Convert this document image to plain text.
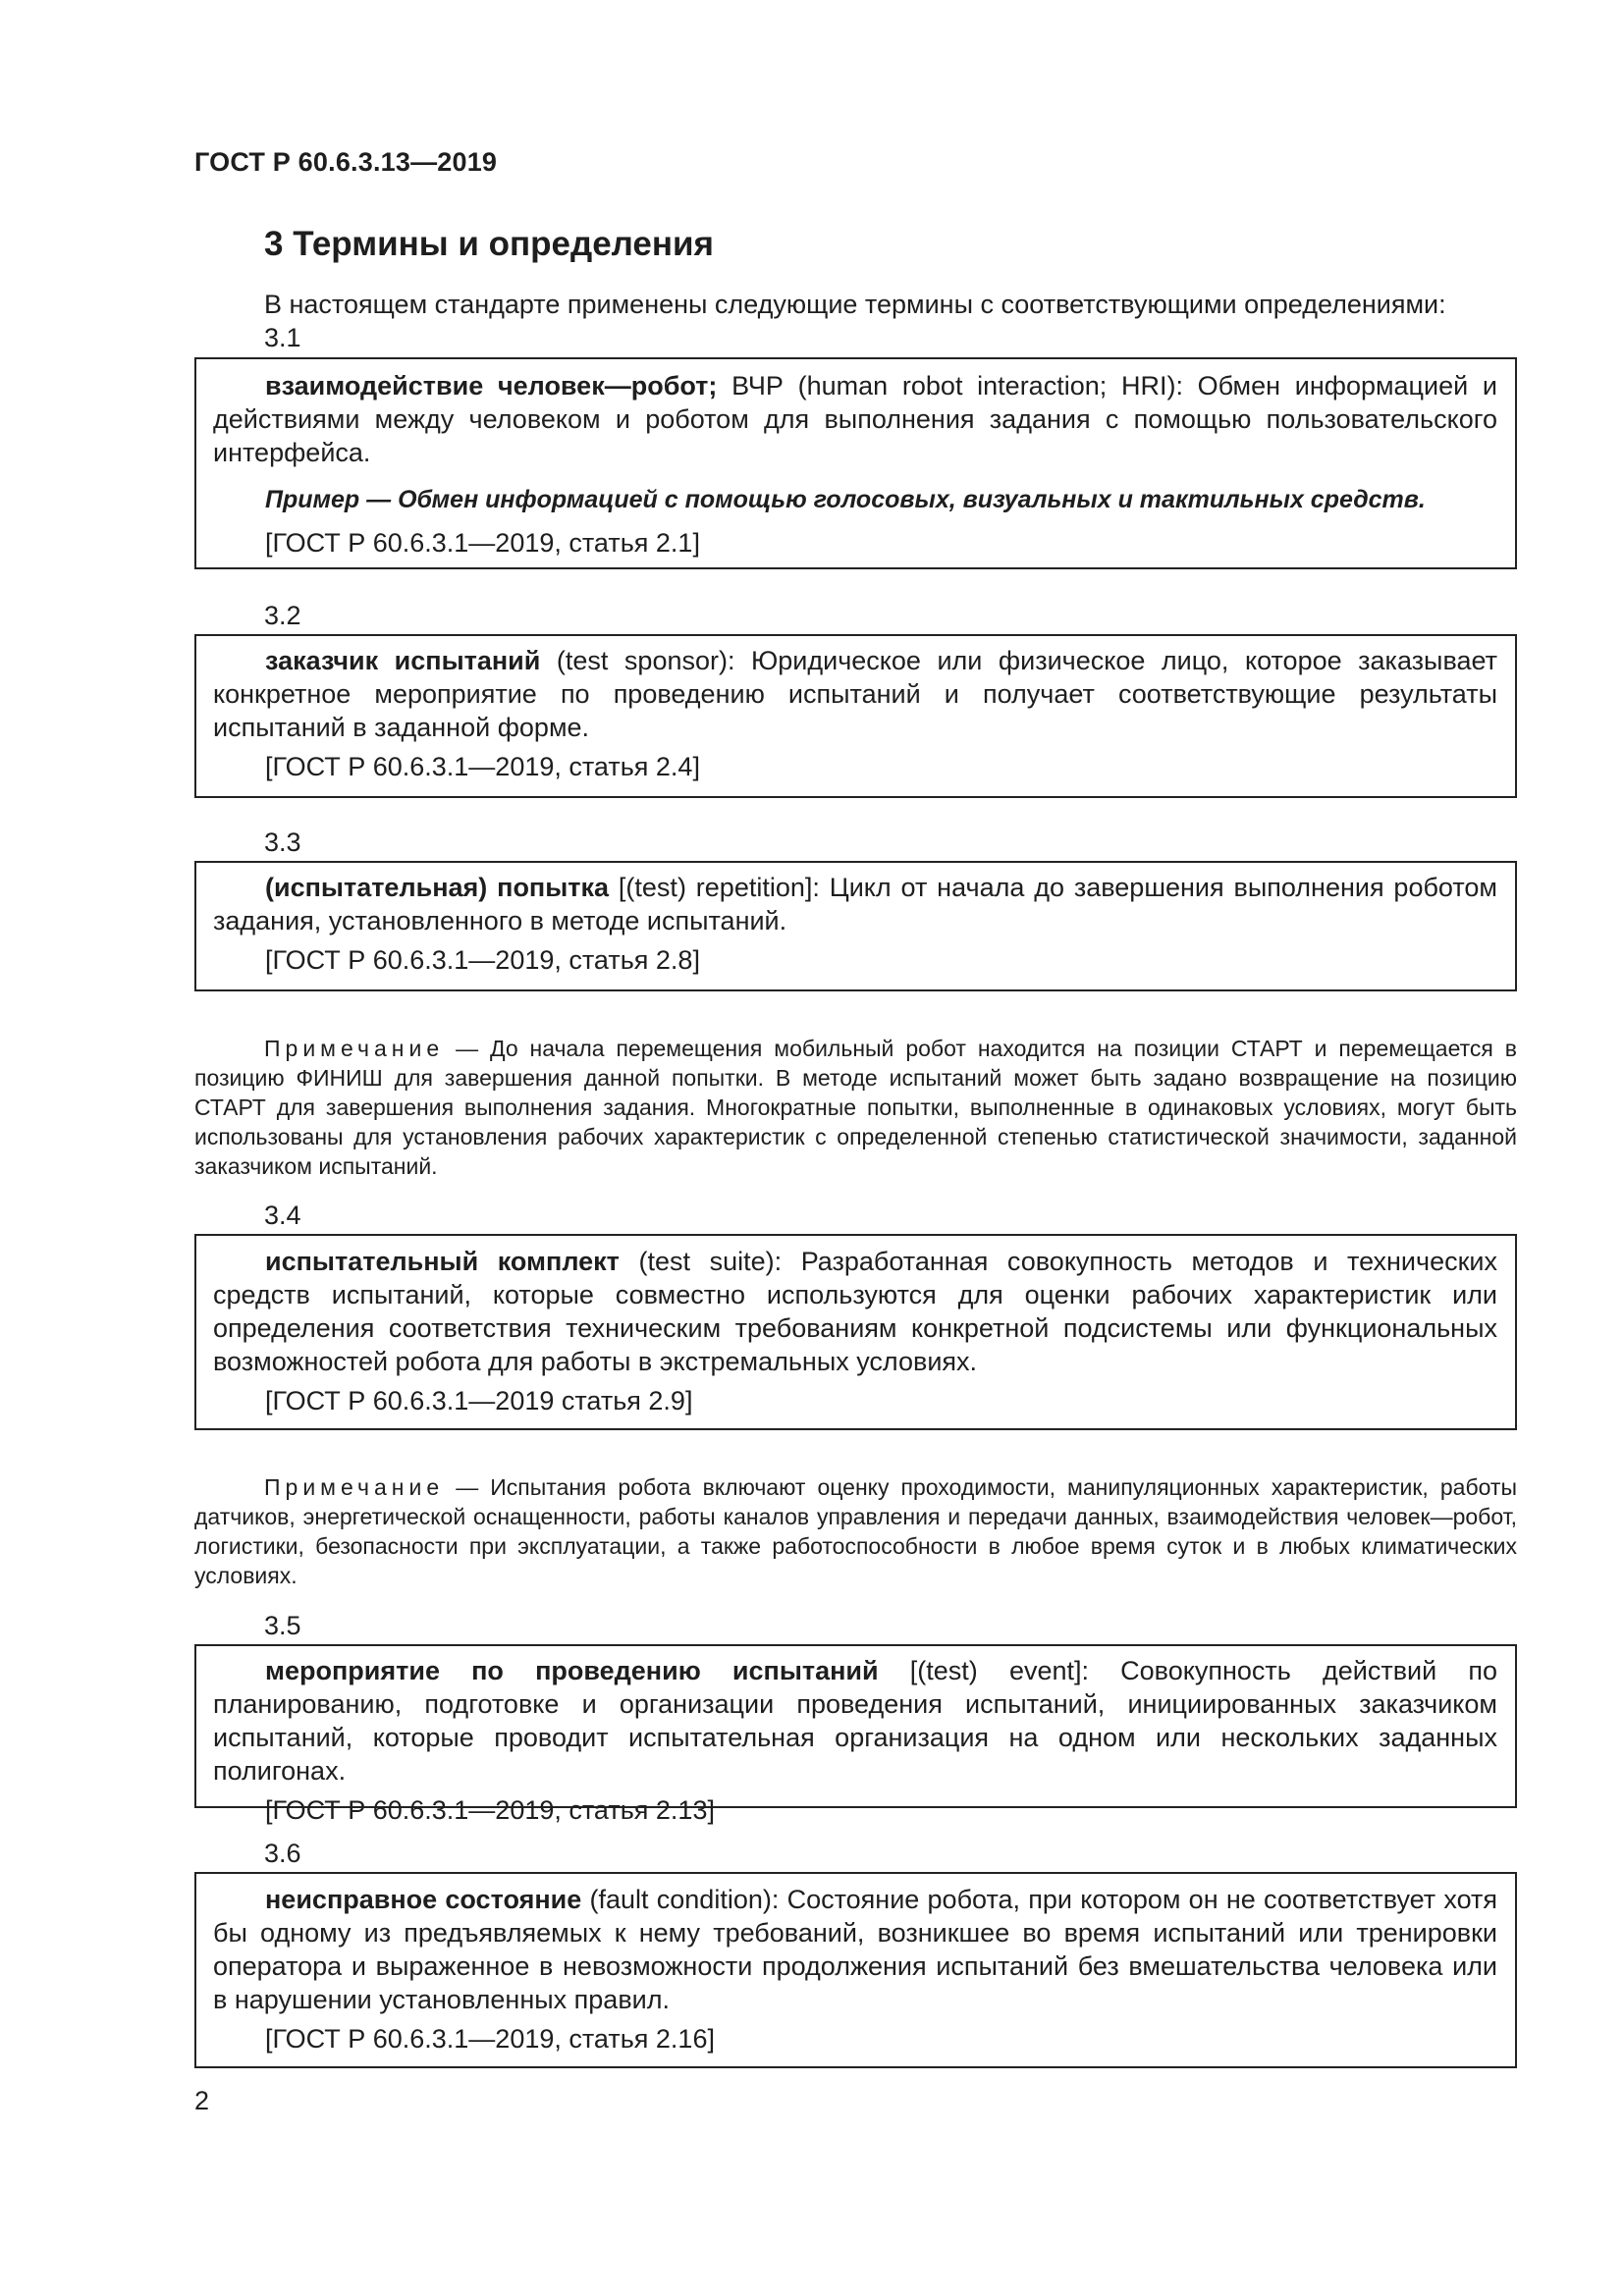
ГОСТ Р 60.6.3.13—2019
3 Термины и определения
В настоящем стандарте применены следующие термины с соответствующими определениями:
3.1

взаимодействие человек—робот; ВЧР (human robot interaction; HRI): Обмен информацией и действиями между человеком и роботом для выполнения задания с помощью пользовательского интерфейса.

Пример — Обмен информацией с помощью голосовых, визуальных и тактильных средств.

[ГОСТ Р 60.6.3.1—2019, статья 2.1]

3.2

заказчик испытаний (test sponsor): Юридическое или физическое лицо, которое заказывает конкретное мероприятие по проведению испытаний и получает соответствующие результаты испытаний в заданной форме.

[ГОСТ Р 60.6.3.1—2019, статья 2.4]

3.3

(испытательная) попытка [(test) repetition]: Цикл от начала до завершения выполнения роботом задания, установленного в методе испытаний.

[ГОСТ Р 60.6.3.1—2019, статья 2.8]

Примечание — До начала перемещения мобильный робот находится на позиции СТАРТ и перемещается в позицию ФИНИШ для завершения данной попытки. В методе испытаний может быть задано возвращение на позицию СТАРТ для завершения выполнения задания. Многократные попытки, выполненные в одинаковых условиях, могут быть использованы для установления рабочих характеристик с определенной степенью статистической значимости, заданной заказчиком испытаний.

3.4

испытательный комплект (test suite): Разработанная совокупность методов и технических средств испытаний, которые совместно используются для оценки рабочих характеристик или определения соответствия техническим требованиям конкретной подсистемы или функциональных возможностей робота для работы в экстремальных условиях.

[ГОСТ Р 60.6.3.1—2019 статья 2.9]

Примечание — Испытания робота включают оценку проходимости, манипуляционных характеристик, работы датчиков, энергетической оснащенности, работы каналов управления и передачи данных, взаимодействия человек—робот, логистики, безопасности при эксплуатации, а также работоспособности в любое время суток и в любых климатических условиях.

3.5

мероприятие по проведению испытаний [(test) event]: Совокупность действий по планированию, подготовке и организации проведения испытаний, инициированных заказчиком испытаний, которые проводит испытательная организация на одном или нескольких заданных полигонах.

[ГОСТ Р 60.6.3.1—2019, статья 2.13]

3.6

неисправное состояние (fault condition): Состояние робота, при котором он не соответствует хотя бы одному из предъявляемых к нему требований, возникшее во время испытаний или тренировки оператора и выраженное в невозможности продолжения испытаний без вмешательства человека или в нарушении установленных правил.

[ГОСТ Р 60.6.3.1—2019, статья 2.16]

2
